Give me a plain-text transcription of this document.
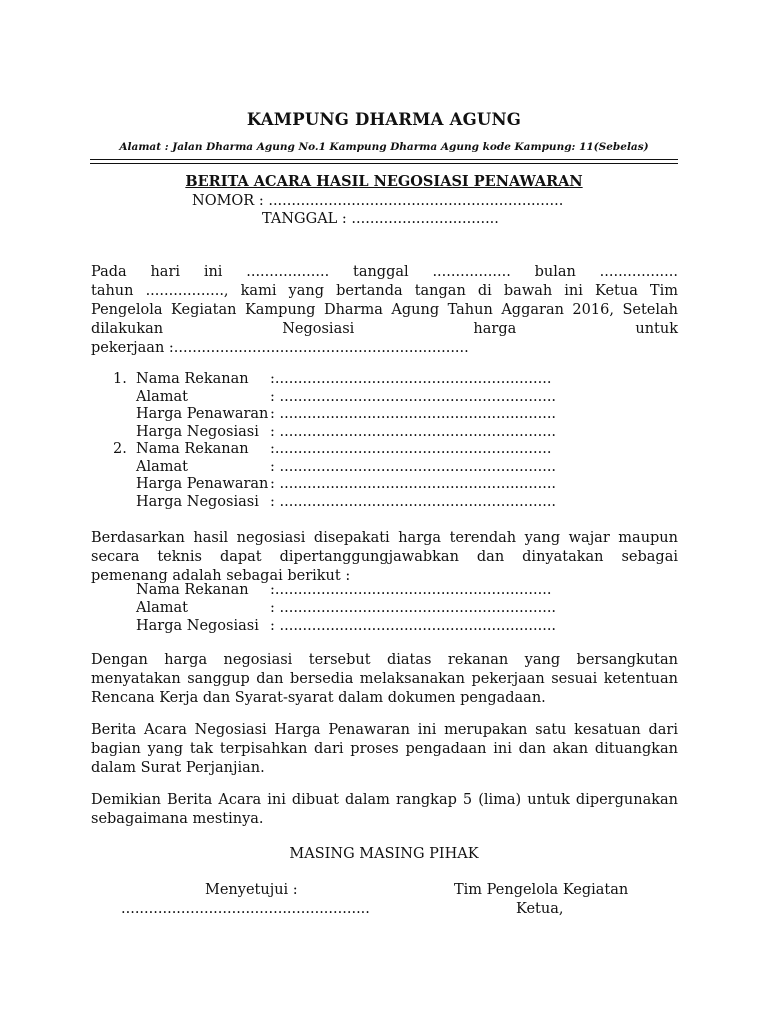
KAMPUNG DHARMA AGUNG
Alamat : Jalan Dharma Agung No.1 Kampung Dharma Agung kode Kampung: 11(Sebelas)
BERITA ACARA HASIL NEGOSIASI PENAWARAN
NOMOR : ................................................................
TANGGAL : ................................
Pada hari ini .................. tanggal ................. bulan .................
tahun ................., kami yang bertanda tangan di bawah ini Ketua Tim
Pengelola Kegiatan Kampung Dharma Agung Tahun Aggaran 2016, Setelah
dilakukan Negosiasi harga untuk
pekerjaan :................................................................
1. Nama Rekanan :............................................................
Alamat	: ............................................................
Harga Penawaran : ............................................................
Harga Negosiasi : ............................................................
2. Nama Rekanan :............................................................
Alamat	: ............................................................
Harga Penawaran : ............................................................
Harga Negosiasi : ............................................................
Berdasarkan hasil negosiasi disepakati harga terendah yang wajar maupun
secara teknis dapat dipertanggungjawabkan dan dinyatakan sebagai
pemenang adalah sebagai berikut :
Nama Rekanan :............................................................
Alamat	: ............................................................
Harga Negosiasi : ............................................................
Dengan harga negosiasi tersebut diatas rekanan yang bersangkutan
menyatakan sanggup dan bersedia melaksanakan pekerjaan sesuai ketentuan
Rencana Kerja dan Syarat-syarat dalam dokumen pengadaan.
Berita Acara Negosiasi Harga Penawaran ini merupakan satu kesatuan dari
bagian yang tak terpisahkan dari proses pengadaan ini dan akan dituangkan
dalam Surat Perjanjian.
Demikian Berita Acara ini dibuat dalam rangkap 5 (lima) untuk dipergunakan
sebagaimana mestinya.
MASING MASING PIHAK
Menyetujui :
......................................................
Tim Pengelola Kegiatan
Ketua,
